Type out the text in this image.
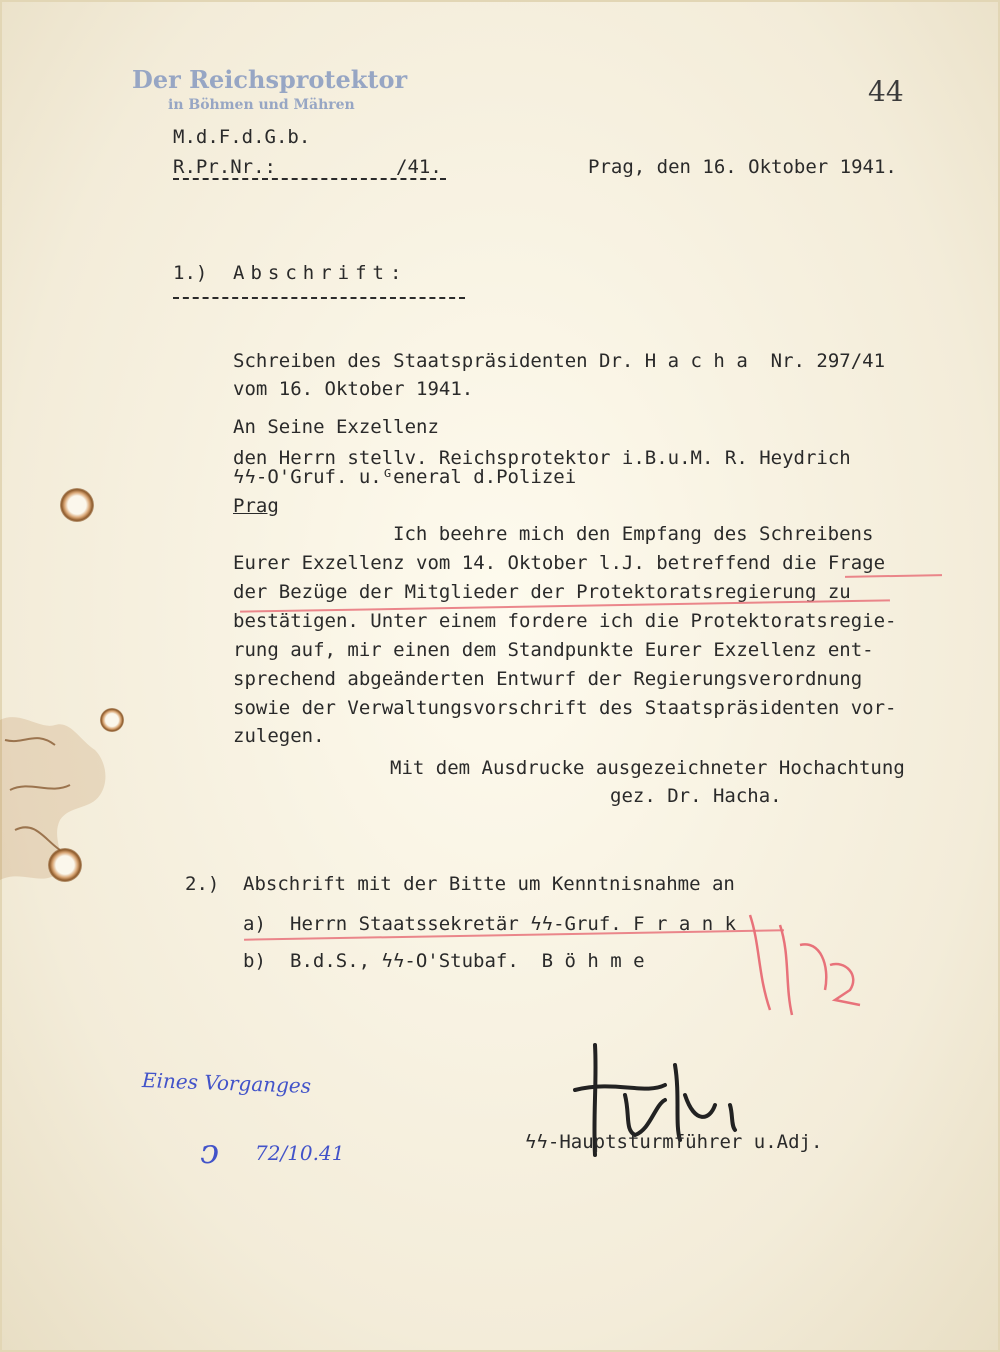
Der Reichsprotektor
in Böhmen und Mähren	44
M.d.F.d.G.b.
R.Pr.Nr.:	/41.	Prag, den 16. Oktober 1941.
1.) Abschrift:
Schreiben des Staatspräsidenten Dr. H a c h a  Nr. 297/41
vom 16. Oktober 1941.
An Seine Exzellenz
den Herrn stellv. Reichsprotektor i.B.u.M. R. Heydrich
ϟϟ-O'Gruf. u.ᴳeneral d.Polizei
Prag
Ich beehre mich den Empfang des Schreibens
Eurer Exzellenz vom 14. Oktober l.J. betreffend die Frage
der Bezüge der Mitglieder der Protektoratsregierung zu
bestätigen. Unter einem fordere ich die Protektoratsregie-
rung auf, mir einen dem Standpunkte Eurer Exzellenz ent-
sprechend abgeänderten Entwurf der Regierungsverordnung
sowie der Verwaltungsvorschrift des Staatspräsidenten vor-
zulegen.
Mit dem Ausdrucke ausgezeichneter Hochachtung
gez. Dr. Hacha.
2.) Abschrift mit der Bitte um Kenntnisnahme an
a) Herrn Staatssekretär ϟϟ-Gruf. F r a n k
b) B.d.S., ϟϟ-O'Stubaf.  B ö h m e
ϟϟ-Hauptsturmführer u.Adj.
Eines Vorganges
ↄ 72/10.41
